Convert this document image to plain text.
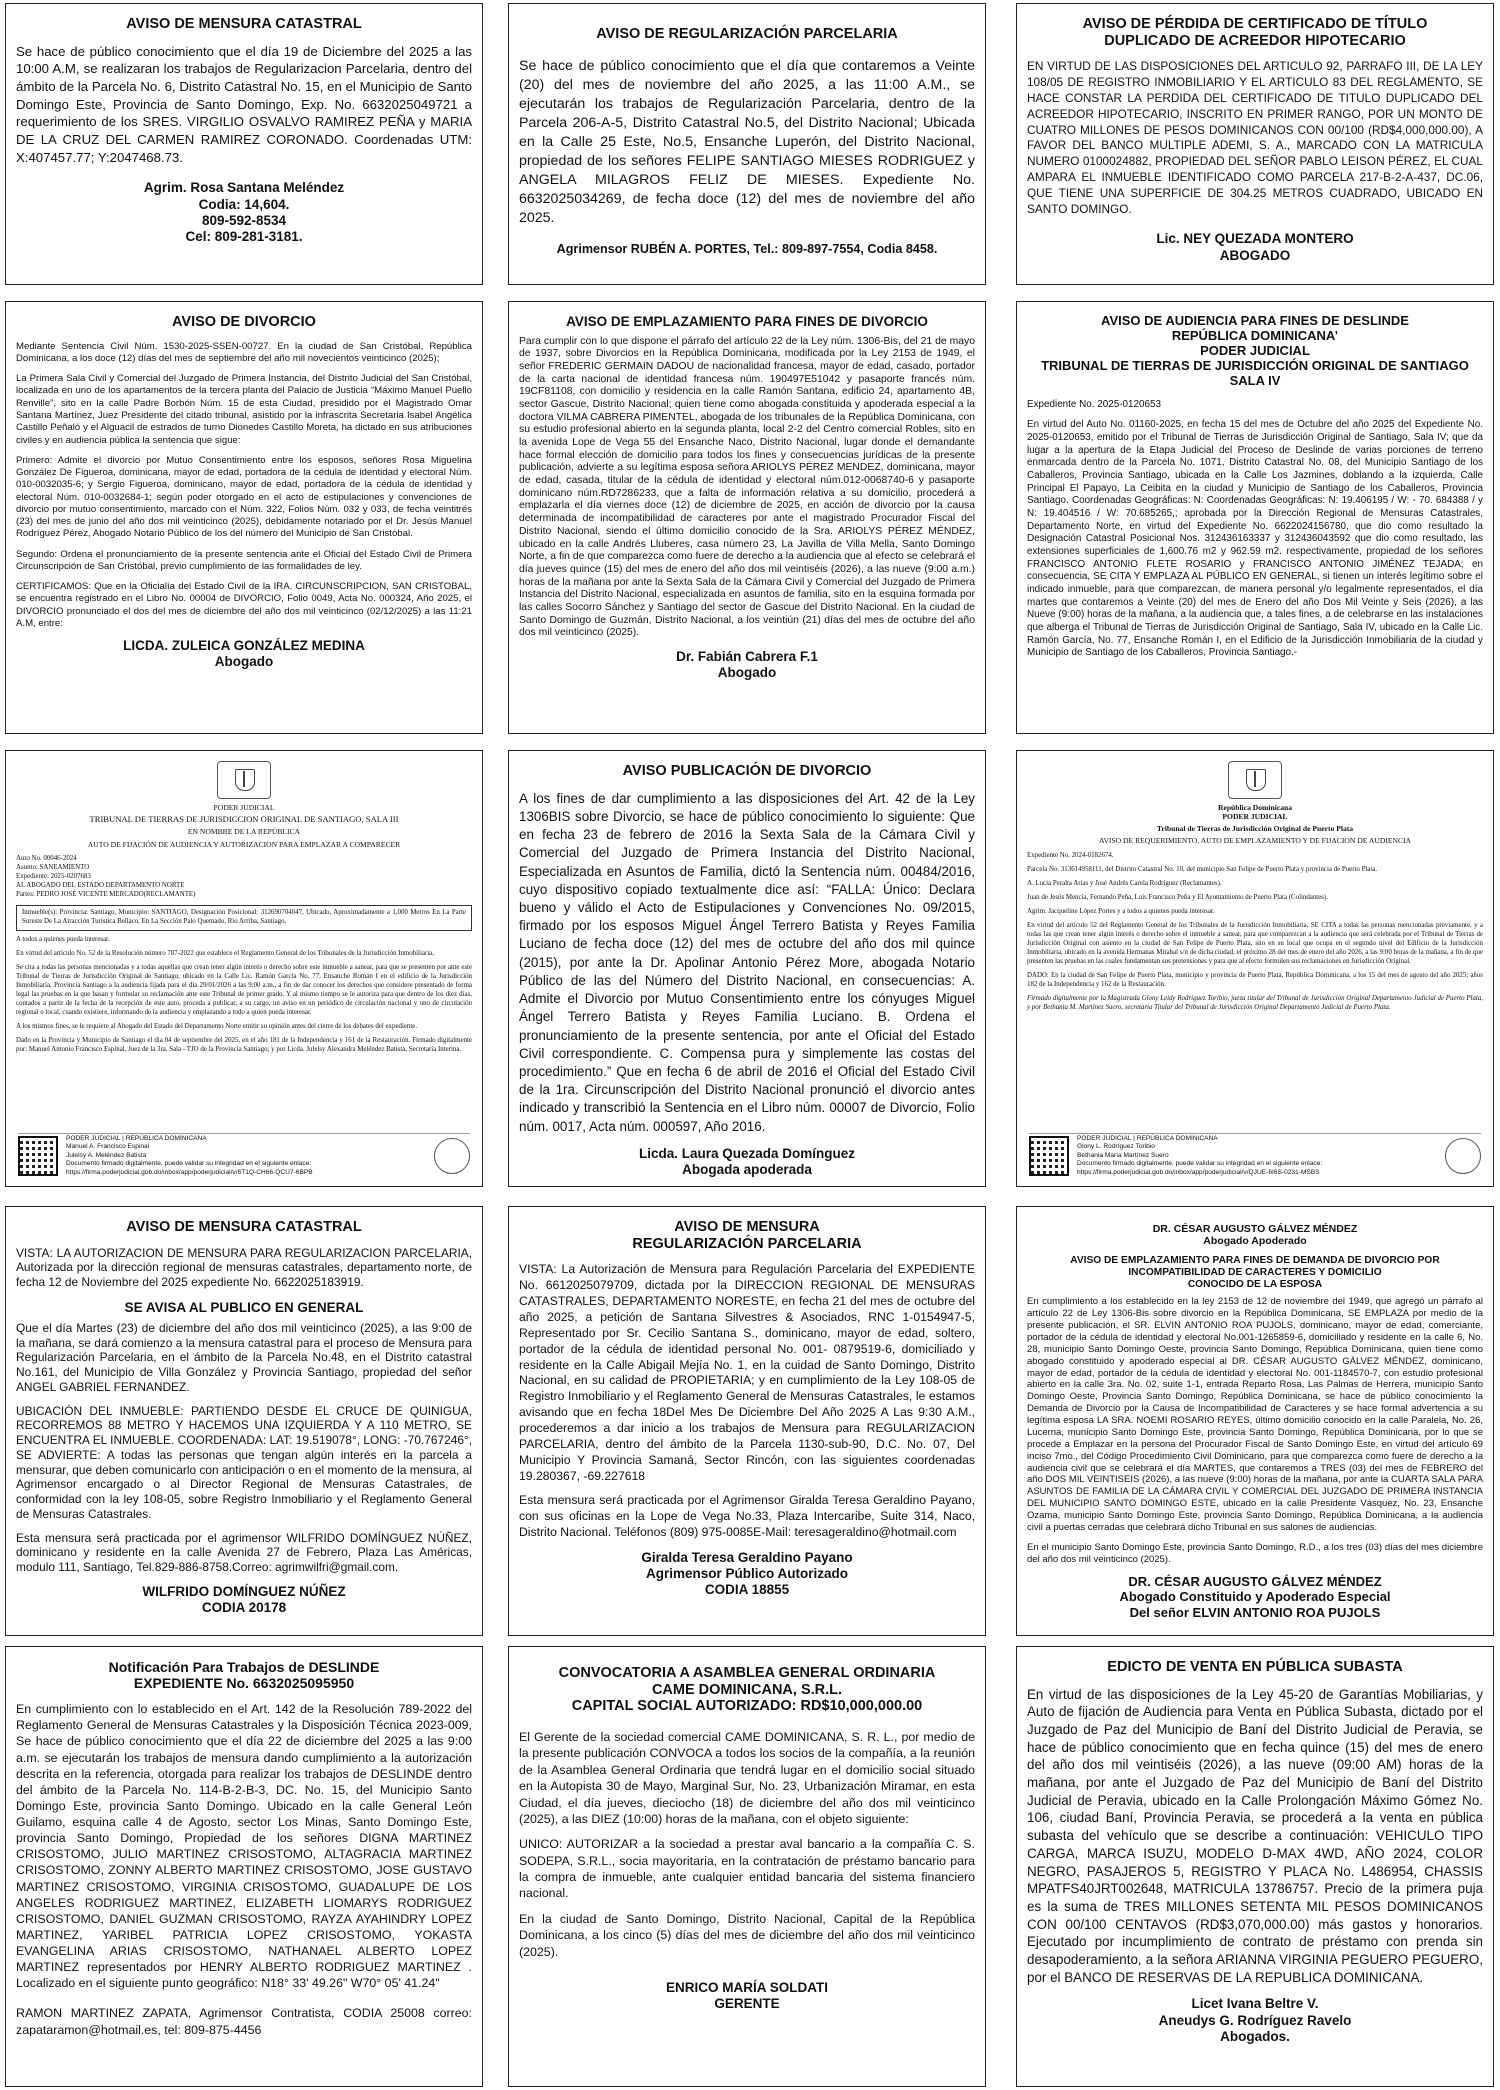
AVISO DE MENSURA CATASTRAL

Se hace de público conocimiento que el día 19 de Diciembre del 2025 a las 10:00 A.M, se realizaran los trabajos de Regularizacion Parcelaria, dentro del ámbito de la Parcela No. 6, Distrito Catastral No. 15, en el Municipio de Santo Domingo Este, Provincia de Santo Domingo, Exp. No. 6632025049721 a requerimiento de los SRES. VIRGILIO OSVALVO RAMIREZ PEÑA y MARIA DE LA CRUZ DEL CARMEN RAMIREZ CORONADO. Coordenadas UTM: X:407457.77; Y:2047468.73.

Agrim. Rosa Santana Meléndez
Codia: 14,604.
809-592-8534
Cel: 809-281-3181.
AVISO DE REGULARIZACIÓN PARCELARIA

Se hace de público conocimiento que el día que contaremos a Veinte (20) del mes de noviembre del año 2025, a las 11:00 A.M., se ejecutarán los trabajos de Regularización Parcelaria, dentro de la Parcela 206-A-5, Distrito Catastral No.5, del Distrito Nacional; Ubicada en la Calle 25 Este, No.5, Ensanche Luperón, del Distrito Nacional, propiedad de los señores FELIPE SANTIAGO MIESES RODRIGUEZ y ANGELA MILAGROS FELIZ DE MIESES. Expediente No. 6632025034269, de fecha doce (12) del mes de noviembre del año 2025.

Agrimensor RUBÉN A. PORTES, Tel.: 809-897-7554, Codia 8458.
AVISO DE PÉRDIDA DE CERTIFICADO DE TÍTULO
DUPLICADO DE ACREEDOR HIPOTECARIO

EN VIRTUD DE LAS DISPOSICIONES DEL ARTICULO 92, PARRAFO III, DE LA LEY 108/05 DE REGISTRO INMOBILIARIO Y EL ARTICULO 83 DEL REGLAMENTO, SE HACE CONSTAR LA PERDIDA DEL CERTIFICADO DE TITULO DUPLICADO DEL ACREEDOR HIPOTECARIO, INSCRITO EN PRIMER RANGO, POR UN MONTO DE CUATRO MILLONES DE PESOS DOMINICANOS CON 00/100 (RD$4,000,000.00), A FAVOR DEL BANCO MULTIPLE ADEMI, S. A., MARCADO CON LA MATRICULA NUMERO 0100024882, PROPIEDAD DEL SEÑOR PABLO LEISON PÉREZ, EL CUAL AMPARA EL INMUEBLE IDENTIFICADO COMO PARCELA 217-B-2-A-437, DC.06, QUE TIENE UNA SUPERFICIE DE 304.25 METROS CUADRADO, UBICADO EN SANTO DOMINGO.

Lic. NEY QUEZADA MONTERO
ABOGADO
AVISO DE DIVORCIO

Mediante Sentencia Civil Núm. 1530-2025-SSEN-00727. En la ciudad de San Cristóbal, República Dominicana, a los doce (12) días del mes de septiembre del año mil novecientos veinticinco (2025);

La Primera Sala Civil y Comercial del Juzgado de Primera Instancia, del Distrito Judicial del San Cristóbal, localizada en uno de los apartamentos de la tercera planta del Palacio de Justicia “Máximo Manuel Puello Renville”, sito en la calle Padre Borbón Núm. 15 de esta Ciudad, presidido por el Magistrado Omar Santana Martínez, Juez Presidente del citado tribunal, asistido por la infrascrita Secretaria Isabel Angélica Castillo Peñaló y el Alguacil de estrados de turno Dionedes Castillo Moreta, ha dictado en sus atribuciones civiles y en audiencia pública la sentencia que sigue:

Primero: Admite el divorcio por Mutuo Consentimiento entre los esposos, señores Rosa Miguelina González De Figueroa, dominicana, mayor de edad, portadora de la cédula de identidad y electoral Núm. 010-0032035-6; y Sergio Figueroa, dominicano, mayor de edad, portadora de la cédula de identidad y electoral Núm. 010-0032684-1; según poder otorgado en el acto de estipulaciones y convenciones de divorcio por mutuo consentimiento, marcado con el Núm. 322, Folios Núm. 032 y 033, de fecha veintitrés (23) del mes de junio del año dos mil veinticinco (2025), debidamente notariado por el Dr. Jesús Manuel Rodríguez Pérez, Abogado Notario Público de los del número del Municipio de San Cristóbal.

Segundo: Ordena el pronunciamiento de la presente sentencia ante el Oficial del Estado Civil de Primera Circunscripción de San Cristóbal, previo cumplimiento de las formalidades de ley.

CERTIFICAMOS: Que en la Oficialía del Estado Civil de la IRA. CIRCUNSCRIPCION, SAN CRISTOBAL, se encuentra registrado en el Libro No. 00004 de DIVORCIO, Folio 0049, Acta No. 000324, Año 2025, el DIVORCIO pronunciado el dos del mes de diciembre del año dos mil veinticinco (02/12/2025) a las 11:21 A.M, entre:

LICDA. ZULEICA GONZÁLEZ MEDINA
Abogado
AVISO DE EMPLAZAMIENTO PARA FINES DE DIVORCIO

Para cumplir con lo que dispone el párrafo del artículo 22 de la Ley núm. 1306-Bis, del 21 de mayo de 1937, sobre Divorcios en la República Dominicana, modificada por la Ley 2153 de 1949, el señor FREDERIC GERMAIN DADOU de nacionalidad francesa, mayor de edad, casado, portador de la carta nacional de identidad francesa núm. 190497E51042 y pasaporte francés núm. 19CF81108, con domicilio y residencia en la calle Ramón Santana, edificio 24, apartamento 4B, sector Gascue, Distrito Nacional; quien tiene como abogada constituida y apoderada especial a la doctora VILMA CABRERA PIMENTEL, abogada de los tribunales de la República Dominicana, con su estudio profesional abierto en la segunda planta, local 2-2 del Centro comercial Robles, sito en la avenida Lope de Vega 55 del Ensanche Naco, Distrito Nacional, lugar donde el demandante hace formal elección de domicilio para todos los fines y consecuencias jurídicas de la presente publicación, advierte a su legítima esposa señora ARIOLYS PÉREZ MENDEZ, dominicana, mayor de edad, casada, titular de la cédula de identidad y electoral núm.012-0068740-6 y pasaporte dominicano núm.RD7286233, que a falta de información relativa a su domicilio, procederá a emplazarla el día viernes doce (12) de diciembre de 2025, en acción de divorcio por la causa determinada de incompatibilidad de caracteres por ante el magistrado Procurador Fiscal del Distrito Nacional, siendo el último domicilio conocido de la Sra. ARIOLYS PÉREZ MÉNDEZ, ubicado en la calle Andrés Lluberes, casa número 23, La Javilla de Villa Mella, Santo Domingo Norte, a fin de que comparezca como fuere de derecho a la audiencia que al efecto se celebrará el día jueves quince (15) del mes de enero del año dos mil veintiséis (2026), a las nueve (9:00 a.m.) horas de la mañana por ante la Sexta Sala de la Cámara Civil y Comercial del Juzgado de Primera Instancia del Distrito Nacional, especializada en asuntos de familia, sito en la esquina formada por las calles Socorro Sánchez y Santiago del sector de Gascue del Distrito Nacional. En la ciudad de Santo Domingo de Guzmán, Distrito Nacional, a los veintiún (21) días del mes de octubre del año dos mil veinticinco (2025).

Dr. Fabián Cabrera F.1
Abogado
AVISO DE AUDIENCIA PARA FINES DE DESLINDE
REPÚBLICA DOMINICANA’
PODER JUDICIAL
TRIBUNAL DE TIERRAS DE JURISDICCIÓN ORIGINAL DE SANTIAGO
SALA IV

Expediente No. 2025-0120653

En virtud del Auto No. 01160-2025, en fecha 15 del mes de Octubre del año 2025 del Expediente No. 2025-0120653, emitido por el Tribunal de Tierras de Jurisdicción Original de Santiago, Sala IV; que da lugar a la apertura de la Etapa Judicial del Proceso de Deslinde de varias porciones de terreno enmarcada dentro de la Parcela No. 1071, Distrito Catastral No. 08, del Municipio Santiago de los Caballeros, Provincia Santiago, ubicada en la Calle Los Jazmines, doblando a la izquierda, Calle Principal El Papayo, La Ceibita en la ciudad y Municipio de Santiago de los Caballeros, Provincia Santiago. Coordenadas Geográficas: N: Coordenadas Geográficas: N: 19.406195 / W: - 70. 684388 / y N: 19.404516 / W: 70.685265,; aprobada por la Dirección Regional de Mensuras Catastrales, Departamento Norte, en virtud del Expediente No. 6622024156780, que dio como resultado la Designación Catastral Posicional Nos. 312436163337 y 312436043592 que dio como resultado, las extensiones superficiales de 1,600.76 m2 y 962.59 m2. respectivamente, propiedad de los señores FRANCISCO ANTONIO FLETE ROSARIO y FRANCISCO ANTONIO JIMÉNEZ TEJADA; en consecuencia, SE CITA Y EMPLAZA AL PÚBLICO EN GENERAL, si tienen un interés legítimo sobre el indicado inmueble, para que comparezcan, de manera personal y/o legalmente representados, el día martes que contaremos a Veinte (20) del mes de Enero del año Dos Mil Veinte y Seis (2026), a las Nueve (9:00) horas de la mañana, a la audiencia que, a tales fines, a de celebrarse en las instalaciones que alberga el Tribunal de Tierras de Jurisdicción Original de Santiago, Sala IV, ubicado en la Calle Lic. Ramón García, No. 77, Ensanche Román I, en el Edificio de la Jurisdicción Inmobiliaria de la ciudad y Municipio de Santiago de los Caballeros, Provincia Santiago.-

PODER JUDICIAL
TRIBUNAL DE TIERRAS DE JURISDICCION ORIGINAL DE SANTIAGO, SALA III
EN NOMBRE DE LA REPÚBLICA
AUTO DE FIJACIÓN DE AUDIENCIA Y AUTORIZACION PARA EMPLAZAR A COMPARECER
Auto No. 00046-2024
Asunto: SANEAMIENTO
Expediente: 2025-0207683
AL ABOGADO DEL ESTADO DEPARTAMENTO NORTE
Partes: PEDRO JOSÉ VICENTE MERCADO(RECLAMANTE)
Inmueble(s): Provincia: Santiago, Municipio: SANTIAGO, Designación Posicional: 312690704047, Ubicado, Aproximadamente a 1,000 Metros En La Parte Sureste De La Atracción Turística Bellaco, En La Sección Palo Quemado, Río Arriba, Santiago.

A todos a quienes pueda interesar.

En virtud del artículo No. 52 de la Resolución número 787-2022 que establece el Reglamento General de los Tribunales de la Jurisdicción Inmobiliaria,

Se cita a todas las personas mencionadas y a todas aquellas que crean tener algún interés o derecho sobre este inmueble a sanear, para que se presenten por ante este Tribunal de Tierras de Jurisdicción Original de Santiago, ubicado en la Calle Lic. Ramón García No. 77, Ensanche Román I en el edificio de la Jurisdicción Inmobiliaria, Provincia Santiago a la audiencia fijada para el día 29/01/2026 a las 9:00 a.m., a fin de dar conocer los derechos que considere presentado de forma legal las pruebas en la que basan y formular su reclamación ante este Tribunal de primer grado. Y al mismo tiempo se le autoriza para que dentro de los diez días, contados a partir de la fecha de la recepción de este auto, proceda a publicar, a su cargo, un aviso en un periódico de circulación nacional y uno de circulación regional o local, cuando existiere, informando de la audiencia y emplazando a todo a quien pueda interesar.

A los mismos fines, se le requiere al Abogado del Estado del Departamento Norte emitir su opinión antes del cierre de los debates del expediente.

Dado en la Provincia y Municipio de Santiago el día 04 de septiembre del 2025, en el año 181 de la Independencia y 161 de la Restauración. Firmado digitalmente por: Manuel Antonio Francisco Espinal, Juez de la 3ra. Sala - TJO de la Provincia Santiago; y por Licda. Julelsy Alexandra Meléndez Batista, Secretaria Interina.

PODER JUDICIAL | REPÚBLICA DOMINICANA
Manuel A. Francisco Espinal
Julelsy A. Meléndez Batista
Documento firmado digitalmente, puede validar su integridad en el siguiente enlace:
https://firma.poderjudicial.gob.do/inbox/app/poderjudicial/v/6T1Q-CH66-QCU7-6BPB
AVISO PUBLICACIÓN DE DIVORCIO

A los fines de dar cumplimiento a las disposiciones del Art. 42 de la Ley 1306BIS sobre Divorcio, se hace de público conocimiento lo siguiente: Que en fecha 23 de febrero de 2016 la Sexta Sala de la Cámara Civil y Comercial del Juzgado de Primera Instancia del Distrito Nacional, Especializada en Asuntos de Familia, dictó la Sentencia núm. 00484/2016, cuyo dispositivo copiado textualmente dice así: “FALLA: Único: Declara bueno y válido el Acto de Estipulaciones y Convenciones No. 09/2015, firmado por los esposos Miguel Ángel Terrero Batista y Reyes Familia Luciano de fecha doce (12) del mes de octubre del año dos mil quince (2015), por ante la Dr. Apolinar Antonio Pérez More, abogada Notario Público de las del Número del Distrito Nacional, en consecuencias: A. Admite el Divorcio por Mutuo Consentimiento entre los cónyuges Miguel Ángel Terrero Batista y Reyes Familia Luciano. B. Ordena el pronunciamiento de la presente sentencia, por ante el Oficial del Estado Civil correspondiente. C. Compensa pura y simplemente las costas del procedimiento.” Que en fecha 6 de abril de 2016 el Oficial del Estado Civil de la 1ra. Circunscripción del Distrito Nacional pronunció el divorcio antes indicado y transcribió la Sentencia en el Libro núm. 00007 de Divorcio, Folio núm. 0017, Acta núm. 000597, Año 2016.

Licda. Laura Quezada Domínguez
Abogada apoderada
República Dominicana
PODER JUDICIAL
Tribunal de Tierras de Jurisdicción Original de Puerto Plata
AVISO DE REQUERIMIENTO, AUTO DE EMPLAZAMIENTO Y DE FIJACION DE AUDIENCIA

Expediente No. 2024-0182674.

Parcela No. 313614958111, del Distrito Catastral No. 10, del municipio San Felipe de Puerto Plata y provincia de Puerto Plata.

A. Lucia Peralta Arias y José Andrés Carela Rodríguez (Reclamantes).

Juan de Jesús Mencía, Fernando Peña, Luis Francisco Peña y El Ayuntamiento de Puerto Plata (Colindantes).

Agrim. Jacqueline López Portes y a todos a quienes pueda interesar.

En virtud del artículo 52 del Reglamento General de los Tribunales de la Jurisdicción Inmobiliaria, SE CITA a todas las personas mencionadas previamente, y a todas las que crean tener algún interés o derecho sobre el inmueble a sanear, para que comparezcan a la audiencia que será celebrada por el Tribunal de Tierras de Jurisdicción Original con asiento en la ciudad de San Felipe de Puerto Plata, sito en su local que ocupa en el segundo nivel del Edificio de la Jurisdicción Inmobiliaria, ubicado en la avenida Hermanas Mirabal s/n de dicha ciudad, el próximo 28 del mes de enero del año 2026, a las 9:00 horas de la mañana, a fin de que presenten las pruebas en las cuales fundamentan sus pretensiones y para que al efecto formulen sus reclamaciones en Jurisdicción Original.

DADO: En la ciudad de San Felipe de Puerto Plata, municipio y provincia de Puerto Plata, República Dominicana, a los 15 del mes de agosto del año 2025; años 182 de la Independencia y 162 de la Restauración.

Firmado digitalmente por la Magistrada Glony Leidy Rodríguez Toribio, jueza titular del Tribunal de Jurisdicción Original Departamento Judicial de Puerto Plata, y por Bethania M. Martínez Suero, secretaria Titular del Tribunal de Jurisdicción Original Departamento Judicial de Puerto Plata.

PODER JUDICIAL | REPÚBLICA DOMINICANA
Glony L. Rodríguez Toribio
Bethania María Martínez Suero
Documento firmado digitalmente, puede validar su integridad en el siguiente enlace:
https://firma.poderjudicial.gob.do/inbox/app/poderjudicial/v/QJUE-6I6S-0231-MSBS
AVISO DE MENSURA CATASTRAL

VISTA: LA AUTORIZACION DE MENSURA PARA REGULARIZACION PARCELARIA, Autorizada por la dirección regional de mensuras catastrales, departamento norte, de fecha 12 de Noviembre del 2025 expediente No. 6622025183919.

SE AVISA AL PUBLICO EN GENERAL

Que el día Martes (23) de diciembre del año dos mil veinticinco (2025), a las 9:00 de la mañana, se dará comienzo a la mensura catastral para el proceso de Mensura para Regularización Parcelaria, en el ámbito de la Parcela No.48, en el Distrito catastral No.161, del Municipio de Villa González y Provincia Santiago, propiedad del señor ANGEL GABRIEL FERNANDEZ.

UBICACIÓN DEL INMUEBLE: PARTIENDO DESDE EL CRUCE DE QUINIGUA, RECORREMOS 88 METRO Y HACEMOS UNA IZQUIERDA Y A 110 METRO, SE ENCUENTRA EL INMUEBLE. COORDENADA: LAT: 19.519078°, LONG: -70.767246°, SE ADVIERTE: A todas las personas que tengan algún interés en la parcela a mensurar, que deben comunicarlo con anticipación o en el momento de la mensura, al Agrimensor encargado o al Director Regional de Mensuras Catastrales, de conformidad con la ley 108-05, sobre Registro Inmobiliario y el Reglamento General de Mensuras Catastrales.

Esta mensura será practicada por el agrimensor WILFRIDO DOMÍNGUEZ NÚÑEZ, dominicano y residente en la calle Avenida 27 de Febrero, Plaza Las Américas, modulo 111, Santiago, Tel.829-886-8758.Correo: agrimwilfri@gmail.com.

WILFRIDO DOMÍNGUEZ NÚÑEZ
CODIA 20178
AVISO DE MENSURA
REGULARIZACIÓN PARCELARIA

VISTA: La Autorización de Mensura para Regulación Parcelaria del EXPEDIENTE No. 6612025079709, dictada por la DIRECCION REGIONAL DE MENSURAS CATASTRALES, DEPARTAMENTO NORESTE, en fecha 21 del mes de octubre del año 2025, a petición de Santana Silvestres & Asociados, RNC 1-0154947-5, Representado por Sr. Cecilio Santana S., dominicano, mayor de edad, soltero, portador de la cédula de identidad personal No. 001- 0879519-6, domiciliado y residente en la Calle Abigail Mejía No. 1, en la cuidad de Santo Domingo, Distrito Nacional, en su calidad de PROPIETARIA; y en cumplimiento de la Ley 108-05 de Registro Inmobiliario y el Reglamento General de Mensuras Catastrales, le estamos avisando que en fecha 18Del Mes De Diciembre Del Año 2025 A Las 9:30 A.M., procederemos a dar inicio a los trabajos de Mensura para REGULARIZACION PARCELARIA, dentro del ámbito de la Parcela 1130-sub-90, D.C. No. 07, Del Municipio Y Provincia Samaná, Sector Rincón, con las siguientes coordenadas 19.280367, -69.227618

Esta mensura será practicada por el Agrimensor Giralda Teresa Geraldino Payano, con sus oficinas en la Lope de Vega No.33, Plaza Intercaribe, Suite 314, Naco, Distrito Nacional. Teléfonos (809) 975-0085E-Mail: teresageraldino@hotmail.com

Giralda Teresa Geraldino Payano
Agrimensor Público Autorizado
CODIA 18855
DR. CÉSAR AUGUSTO GÁLVEZ MÉNDEZ
Abogado Apoderado
AVISO DE EMPLAZAMIENTO PARA FINES DE DEMANDA DE DIVORCIO POR
INCOMPATIBILIDAD DE CARACTERES Y DOMICILIO
CONOCIDO DE LA ESPOSA

En cumplimiento a los establecido en la ley 2153 de 12 de noviembre del 1949, que agregó un párrafo al artículo 22 de Ley 1306-Bis sobre divorcio en la República Dominicana, SE EMPLAZA por medio de la presente publicación, el SR. ELVIN ANTONIO ROA PUJOLS, dominicano, mayor de edad, comerciante, portador de la cédula de identidad y electoral No.001-1265859-6, domiciliado y residente en la calle 6, No. 28, municipio Santo Domingo Oeste, provincia Santo Domingo, República Dominicana, quien tiene como abogado constituido y apoderado especial al DR. CÉSAR AUGUSTO GÁLVEZ MÉNDEZ, dominicano, mayor de edad, portador de la cédula de identidad y electoral No. 001-1184570-7, con estudio profesional abierto en la calle 3ra. No. 02, suite 1-1, entrada Reparto Rosa, Las Palmas de Herrera, municipio Santo Domingo Oeste, Provincia Santo Domingo, República Dominicana, se hace de público conocimiento la Demanda de Divorcio por la Causa de Incompatibilidad de Caracteres y se hace formal advertencia a su legítima esposa LA SRA. NOEMI ROSARIO REYES, último domicilio conocido en la calle Paralela, No. 26, Lucerna, municipio Santo Domingo Este, provincia Santo Domingo, República Dominicana, por lo que se procede a Emplazar en la persona del Procurador Fiscal de Santo Domingo Este, en virtud del artículo 69 inciso 7mo., del Código Procedimiento Civil Dominicano, para que comparezca como fuere de derecho a la audiencia civil que se celebrará el día MARTES, que contaremos a TRES (03) del mes de FEBRERO del año DOS MIL VEINTISEIS (2026), a las nueve (9:00) horas de la mañana, por ante la CUARTA SALA PARA ASUNTOS DE FAMILIA DE LA CÁMARA CIVIL Y COMERCIAL DEL JUZGADO DE PRIMERA INSTANCIA DEL MUNICIPIO SANTO DOMINGO ESTE, ubicado en la calle Presidente Vásquez, No. 23, Ensanche Ozama, municipio Santo Domingo Este, provincia Santo Domingo, República Dominicana, a la audiencia civil a puertas cerradas que celebrará dicho Tribunal en sus salones de audiencias.

En el municipio Santo Domingo Este, provincia Santo Domingo, R.D., a los tres (03) días del mes diciembre del año dos mil veinticinco (2025).

DR. CÉSAR AUGUSTO GÁLVEZ MÉNDEZ
Abogado Constituido y Apoderado Especial
Del señor ELVIN ANTONIO ROA PUJOLS
Notificación Para Trabajos de DESLINDE
EXPEDIENTE No. 6632025095950

En cumplimiento con lo establecido en el Art. 142 de la Resolución 789-2022 del Reglamento General de Mensuras Catastrales y la Disposición Técnica 2023-009, Se hace de público conocimiento que el día 22 de diciembre del 2025 a las 9:00 a.m. se ejecutarán los trabajos de mensura dando cumplimiento a la autorización descrita en la referencia, otorgada para realizar los trabajos de DESLINDE dentro del ámbito de la Parcela No. 114-B-2-B-3, DC. No. 15, del Municipio Santo Domingo Este, provincia Santo Domingo. Ubicado en la calle General León Guilamo, esquina calle 4 de Agosto, sector Los Minas, Santo Domingo Este, provincia Santo Domingo, Propiedad de los señores DIGNA MARTINEZ CRISOSTOMO, JULIO MARTINEZ CRISOSTOMO, ALTAGRACIA MARTINEZ CRISOSTOMO, ZONNY ALBERTO MARTINEZ CRISOSTOMO, JOSE GUSTAVO MARTINEZ CRISOSTOMO, VIRGINIA CRISOSTOMO, GUADALUPE DE LOS ANGELES RODRIGUEZ MARTINEZ, ELIZABETH LIOMARYS RODRIGUEZ CRISOSTOMO, DANIEL GUZMAN CRISOSTOMO, RAYZA AYAHINDRY LOPEZ MARTINEZ, YARIBEL PATRICIA LOPEZ CRISOSTOMO, YOKASTA EVANGELINA ARIAS CRISOSTOMO, NATHANAEL ALBERTO LOPEZ MARTINEZ representados por HENRY ALBERTO RODRIGUEZ MARTINEZ . Localizado en el siguiente punto geográfico: N18° 33' 49.26" W70° 05' 41.24"

RAMON MARTINEZ ZAPATA, Agrimensor Contratista, CODIA 25008 correo: zapataramon@hotmail.es, tel: 809-875-4456

CONVOCATORIA A ASAMBLEA GENERAL ORDINARIA
CAME DOMINICANA, S.R.L.
CAPITAL SOCIAL AUTORIZADO: RD$10,000,000.00

El Gerente de la sociedad comercial CAME DOMINICANA, S. R. L., por medio de la presente publicación CONVOCA a todos los socios de la compañía, a la reunión de la Asamblea General Ordinaria que tendrá lugar en el domicilio social situado en la Autopista 30 de Mayo, Marginal Sur, No. 23, Urbanización Miramar, en esta Ciudad, el día jueves, dieciocho (18) de diciembre del año dos mil veinticinco (2025), a las DIEZ (10:00) horas de la mañana, con el objeto siguiente:

UNICO: AUTORIZAR a la sociedad a prestar aval bancario a la compañía C. S. SODEPA, S.R.L., socia mayoritaria, en la contratación de préstamo bancario para la compra de inmueble, ante cualquier entidad bancaria del sistema financiero nacional.

En la ciudad de Santo Domingo, Distrito Nacional, Capital de la República Dominicana, a los cinco (5) días del mes de diciembre del año dos mil veinticinco (2025).

ENRICO MARÍA SOLDATI
GERENTE
EDICTO DE VENTA EN PÚBLICA SUBASTA

En virtud de las disposiciones de la Ley 45-20 de Garantías Mobiliarias, y Auto de fijación de Audiencia para Venta en Pública Subasta, dictado por el Juzgado de Paz del Municipio de Baní del Distrito Judicial de Peravia, se hace de público conocimiento que en fecha quince (15) del mes de enero del año dos mil veintiséis (2026), a las nueve (09:00 AM) horas de la mañana, por ante el Juzgado de Paz del Municipio de Baní del Distrito Judicial de Peravia, ubicado en la Calle Prolongación Máximo Gómez No. 106, ciudad Baní, Provincia Peravia, se procederá a la venta en pública subasta del vehículo que se describe a continuación: VEHICULO TIPO CARGA, MARCA ISUZU, MODELO D-MAX 4WD, AÑO 2024, COLOR NEGRO, PASAJEROS 5, REGISTRO Y PLACA No. L486954, CHASSIS MPATFS40JRT002648, MATRICULA 13786757. Precio de la primera puja es la suma de TRES MILLONES SETENTA MIL PESOS DOMINICANOS CON 00/100 CENTAVOS (RD$3,070,000.00) más gastos y honorarios. Ejecutado por incumplimiento de contrato de préstamo con prenda sin desapoderamiento, a la señora ARIANNA VIRGINIA PEGUERO PEGUERO, por el BANCO DE RESERVAS DE LA REPUBLICA DOMINICANA.

Licet Ivana Beltre V.
Aneudys G. Rodríguez Ravelo
Abogados.
